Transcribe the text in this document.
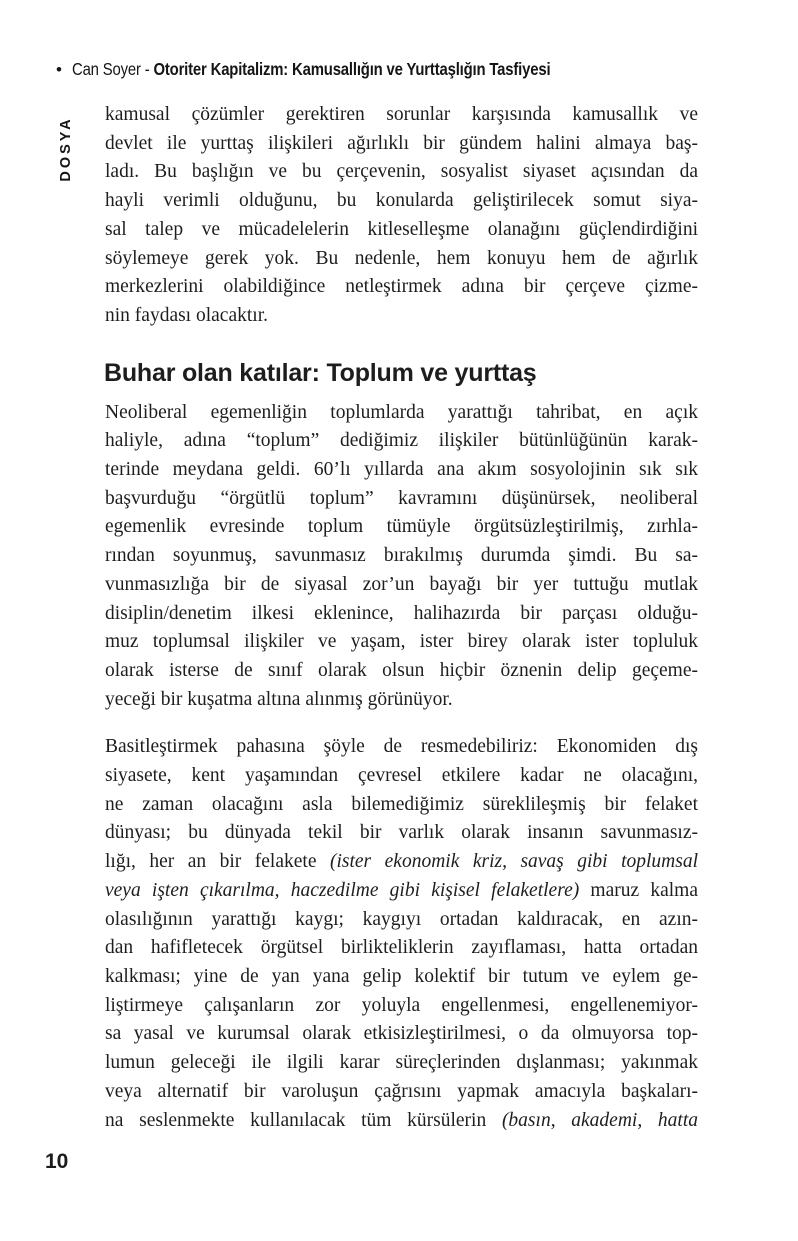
• Can Soyer - Otoriter Kapitalizm: Kamusallığın ve Yurttaşlığın Tasfiyesi
DOSYA
kamusal çözümler gerektiren sorunlar karşısında kamusallık ve
devlet ile yurttaş ilişkileri ağırlıklı bir gündem halini almaya baş-
ladı. Bu başlığın ve bu çerçevenin, sosyalist siyaset açısından da
hayli verimli olduğunu, bu konularda geliştirilecek somut siya-
sal talep ve mücadelelerin kitleselleşme olanağını güçlendirdiğini
söylemeye gerek yok. Bu nedenle, hem konuyu hem de ağırlık
merkezlerini olabildiğince netleştirmek adına bir çerçeve çizme-
nin faydası olacaktır.
Buhar olan katılar: Toplum ve yurttaş
Neoliberal egemenliğin toplumlarda yarattığı tahribat, en açık
haliyle, adına “toplum” dediğimiz ilişkiler bütünlüğünün karak-
terinde meydana geldi. 60’lı yıllarda ana akım sosyolojinin sık sık
başvurduğu “örgütlü toplum” kavramını düşünürsek, neoliberal
egemenlik evresinde toplum tümüyle örgütsüzleştirilmiş, zırhla-
rından soyunmuş, savunmasız bırakılmış durumda şimdi. Bu sa-
vunmasızlığa bir de siyasal zor’un bayağı bir yer tuttuğu mutlak
disiplin/denetim ilkesi eklenince, halihazırda bir parçası olduğu-
muz toplumsal ilişkiler ve yaşam, ister birey olarak ister topluluk
olarak isterse de sınıf olarak olsun hiçbir öznenin delip geçeme-
yeceği bir kuşatma altına alınmış görünüyor.
Basitleştirmek pahasına şöyle de resmedebiliriz: Ekonomiden dış
siyasete, kent yaşamından çevresel etkilere kadar ne olacağını,
ne zaman olacağını asla bilemediğimiz süreklileşmiş bir felaket
dünyası; bu dünyada tekil bir varlık olarak insanın savunmasız-
lığı, her an bir felakete (ister ekonomik kriz, savaş gibi toplumsal
veya işten çıkarılma, haczedilme gibi kişisel felaketlere) maruz kalma
olasılığının yarattığı kaygı; kaygıyı ortadan kaldıracak, en azın-
dan hafifletecek örgütsel birlikteliklerin zayıflaması, hatta ortadan
kalkması; yine de yan yana gelip kolektif bir tutum ve eylem ge-
liştirmeye çalışanların zor yoluyla engellenmesi, engellenemiyor-
sa yasal ve kurumsal olarak etkisizleştirilmesi, o da olmuyorsa top-
lumun geleceği ile ilgili karar süreçlerinden dışlanması; yakınmak
veya alternatif bir varoluşun çağrısını yapmak amacıyla başkaları-
na seslenmekte kullanılacak tüm kürsülerin (basın, akademi, hatta
10
